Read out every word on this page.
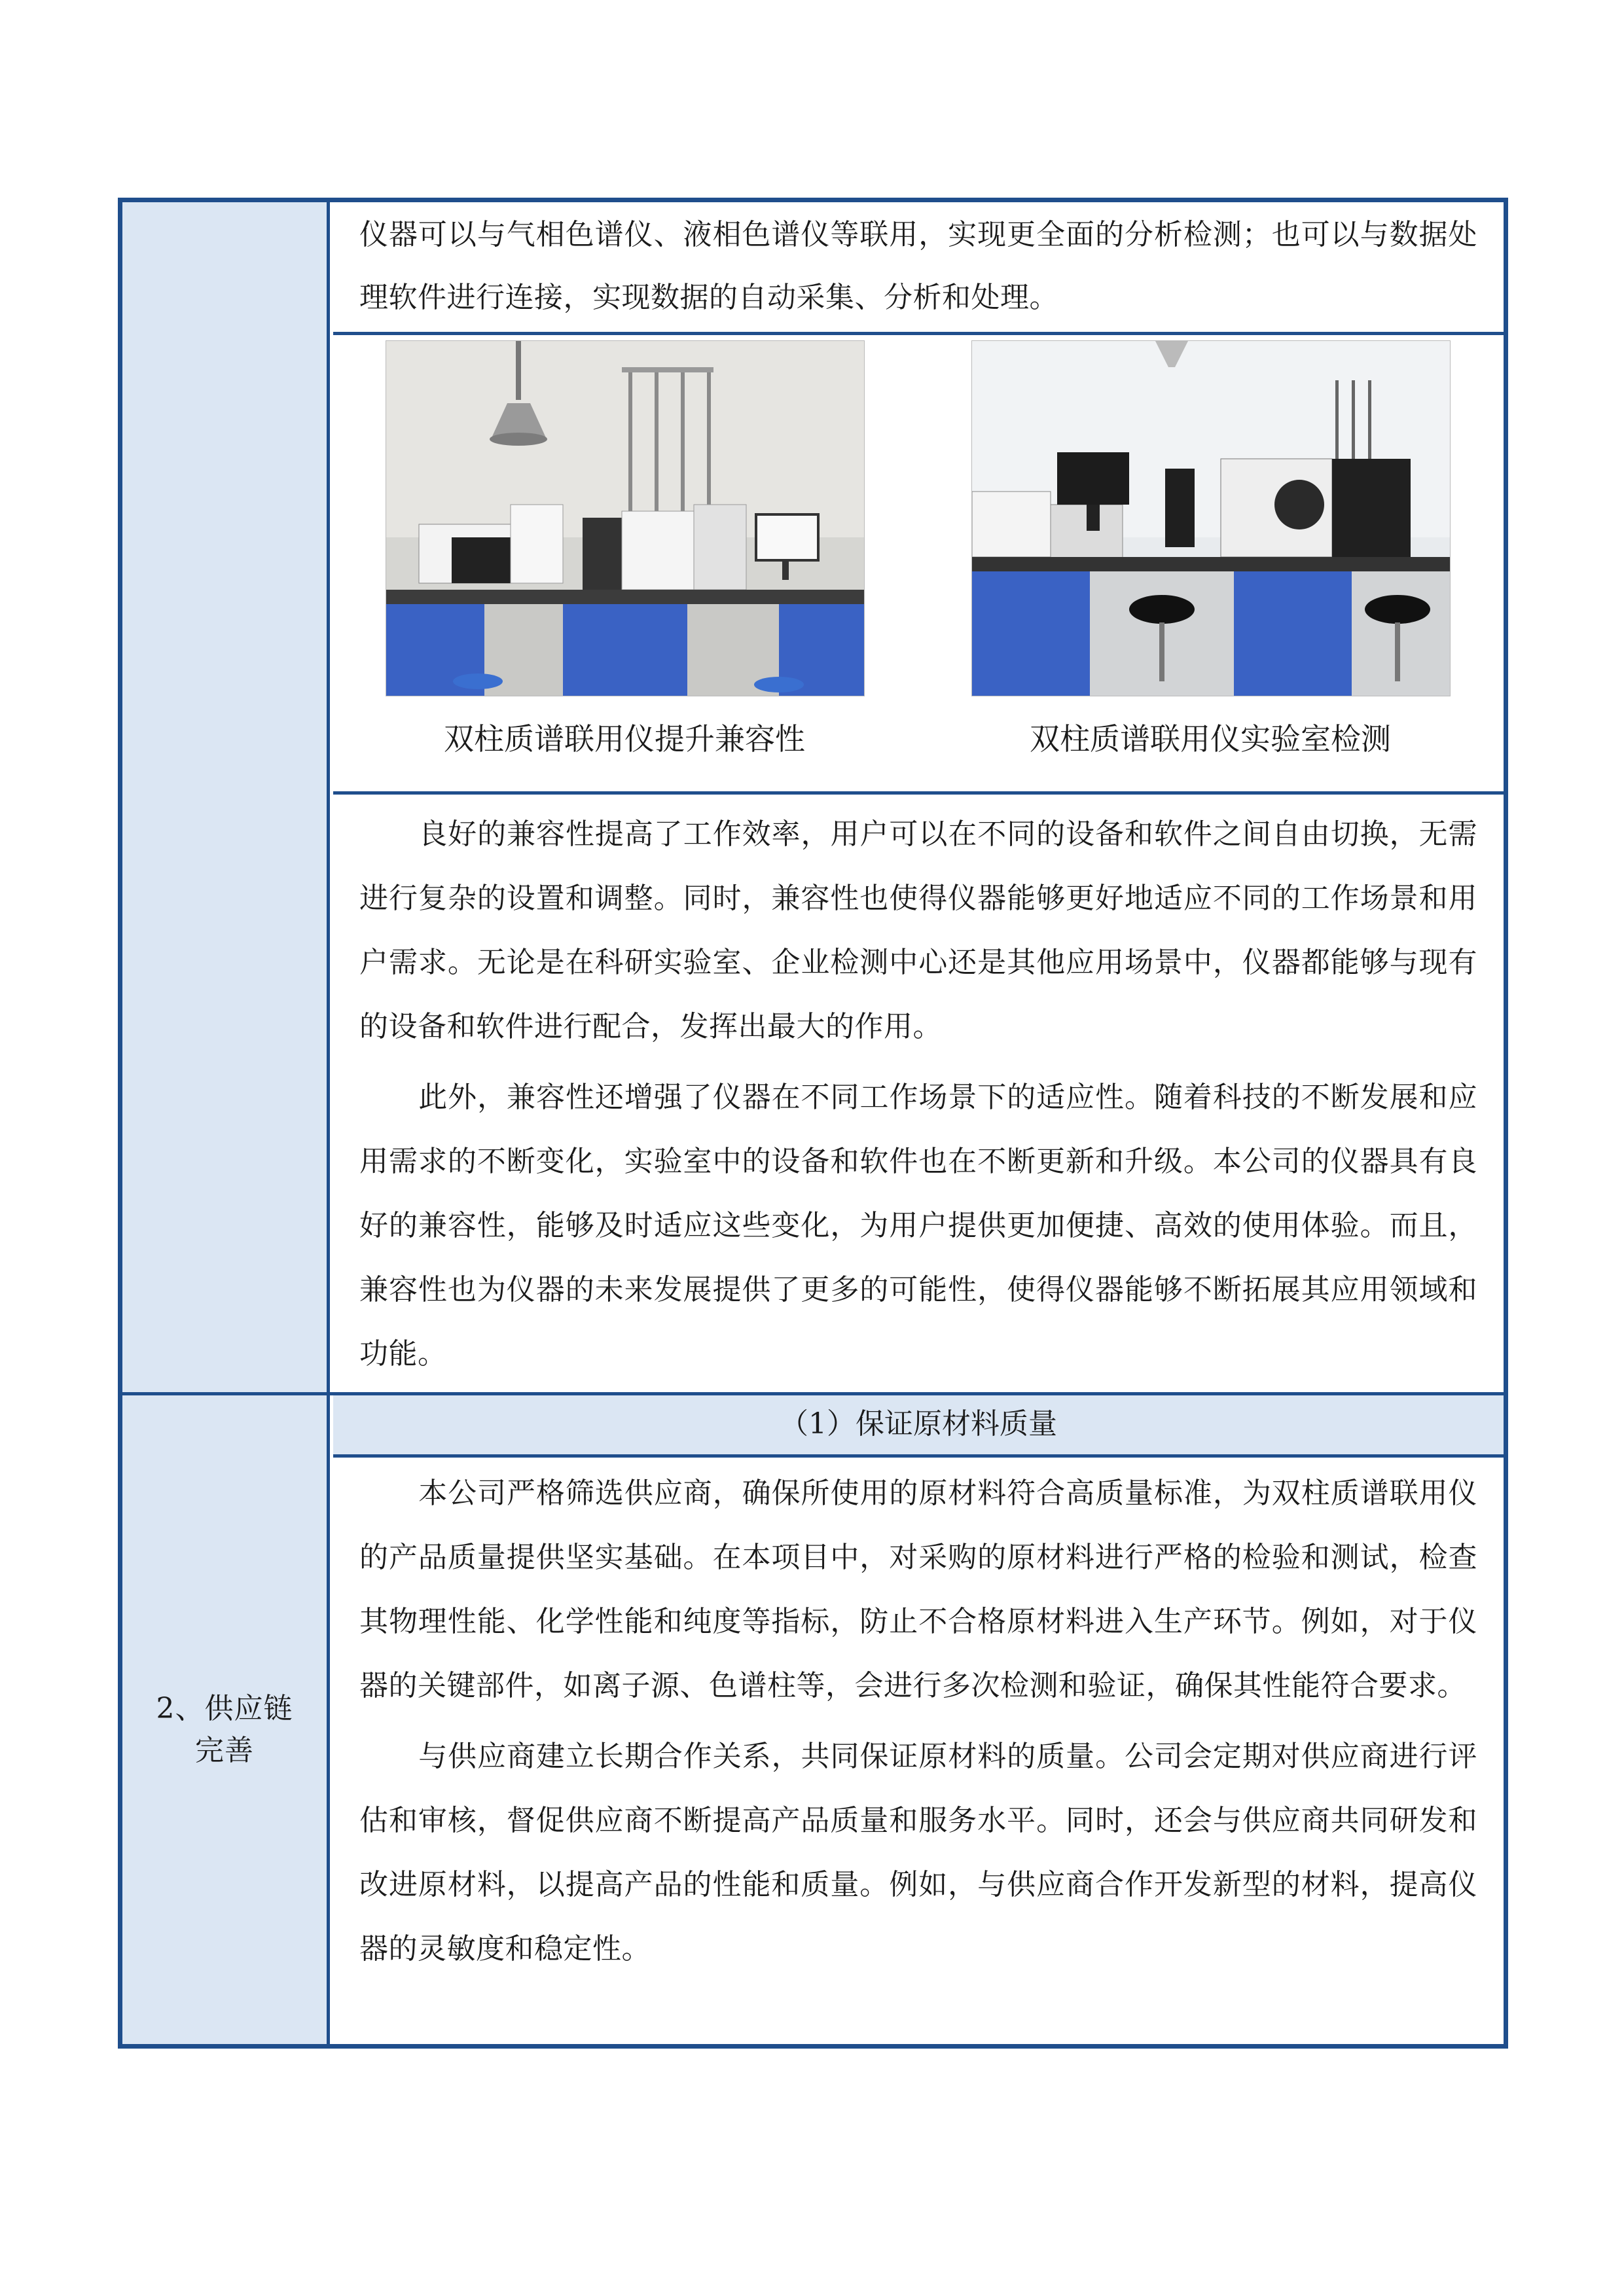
仪器可以与气相色谱仪、液相色谱仪等联用，实现更全面的分析检测；也可以与数据处理软件进行连接，实现数据的自动采集、分析和处理。

双柱质谱联用仪提升兼容性	双柱质谱联用仪实验室检测

良好的兼容性提高了工作效率，用户可以在不同的设备和软件之间自由切换，无需进行复杂的设置和调整。同时，兼容性也使得仪器能够更好地适应不同的工作场景和用户需求。无论是在科研实验室、企业检测中心还是其他应用场景中，仪器都能够与现有的设备和软件进行配合，发挥出最大的作用。

此外，兼容性还增强了仪器在不同工作场景下的适应性。随着科技的不断发展和应用需求的不断变化，实验室中的设备和软件也在不断更新和升级。本公司的仪器具有良好的兼容性，能够及时适应这些变化，为用户提供更加便捷、高效的使用体验。而且，兼容性也为仪器的未来发展提供了更多的可能性，使得仪器能够不断拓展其应用领域和功能。

（1）保证原材料质量
2、供应链
完善

本公司严格筛选供应商，确保所使用的原材料符合高质量标准，为双柱质谱联用仪的产品质量提供坚实基础。在本项目中，对采购的原材料进行严格的检验和测试，检查其物理性能、化学性能和纯度等指标，防止不合格原材料进入生产环节。例如，对于仪器的关键部件，如离子源、色谱柱等，会进行多次检测和验证，确保其性能符合要求。

与供应商建立长期合作关系，共同保证原材料的质量。公司会定期对供应商进行评估和审核，督促供应商不断提高产品质量和服务水平。同时，还会与供应商共同研发和改进原材料，以提高产品的性能和质量。例如，与供应商合作开发新型的材料，提高仪器的灵敏度和稳定性。
